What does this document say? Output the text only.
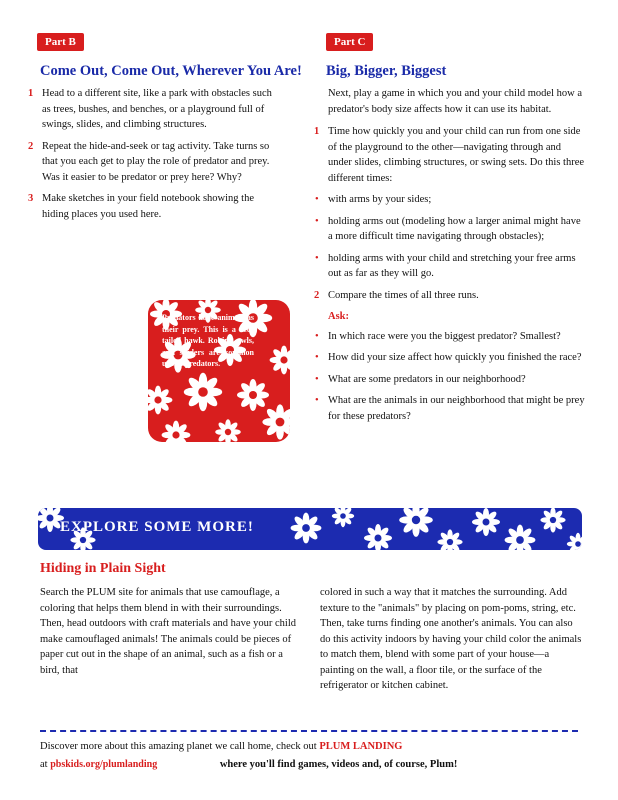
Part B
Come Out, Come Out, Wherever You Are!
1 Head to a different site, like a park with obstacles such as trees, bushes, and benches, or a playground full of swings, slides, and climbing structures.
2 Repeat the hide-and-seek or tag activity. Take turns so that you each get to play the role of predator and prey. Was it easier to be predator or prey here? Why?
3 Make sketches in your field notebook showing the hiding places you used here.
Predators have animals as their prey. This is a red-tailed hawk. Robins, owls, and spiders are common urban predators.
Part C
Big, Bigger, Biggest

Next, play a game in which you and your child model how a predator's body size affects how it can use its habitat.

1 Time how quickly you and your child can run from one side of the playground to the other—navigating through and under slides, climbing structures, or swing sets. Do this three different times:
• with arms by your sides;
• holding arms out (modeling how a larger animal might have a more difficult time navigating through obstacles);
• holding arms with your child and stretching your free arms out as far as they will go.
2 Compare the times of all three runs.
Ask:
• In which race were you the biggest predator? Smallest?
• How did your size affect how quickly you finished the race?
• What are some predators in our neighborhood?
• What are the animals in our neighborhood that might be prey for these predators?
EXPLORE SOME MORE!
Hiding in Plain Sight
Search the PLUM site for animals that use camouflage, a coloring that helps them blend in with their surroundings. Then, head outdoors with craft materials and have your child make camouflaged animals! The animals could be pieces of paper cut out in the shape of an animal, such as a fish or a bird, that
colored in such a way that it matches the surrounding. Add texture to the "animals" by placing on pom-poms, string, etc. Then, take turns finding one another's animals. You can also do this activity indoors by having your child color the animals to match them, blend with some part of your house—a painting on the wall, a floor tile, or the surface of the refrigerator or kitchen cabinet.
Discover more about this amazing planet we call home, check out PLUM LANDING
at pbskids.org/plumlanding	where you'll find games, videos and, of course, Plum!
